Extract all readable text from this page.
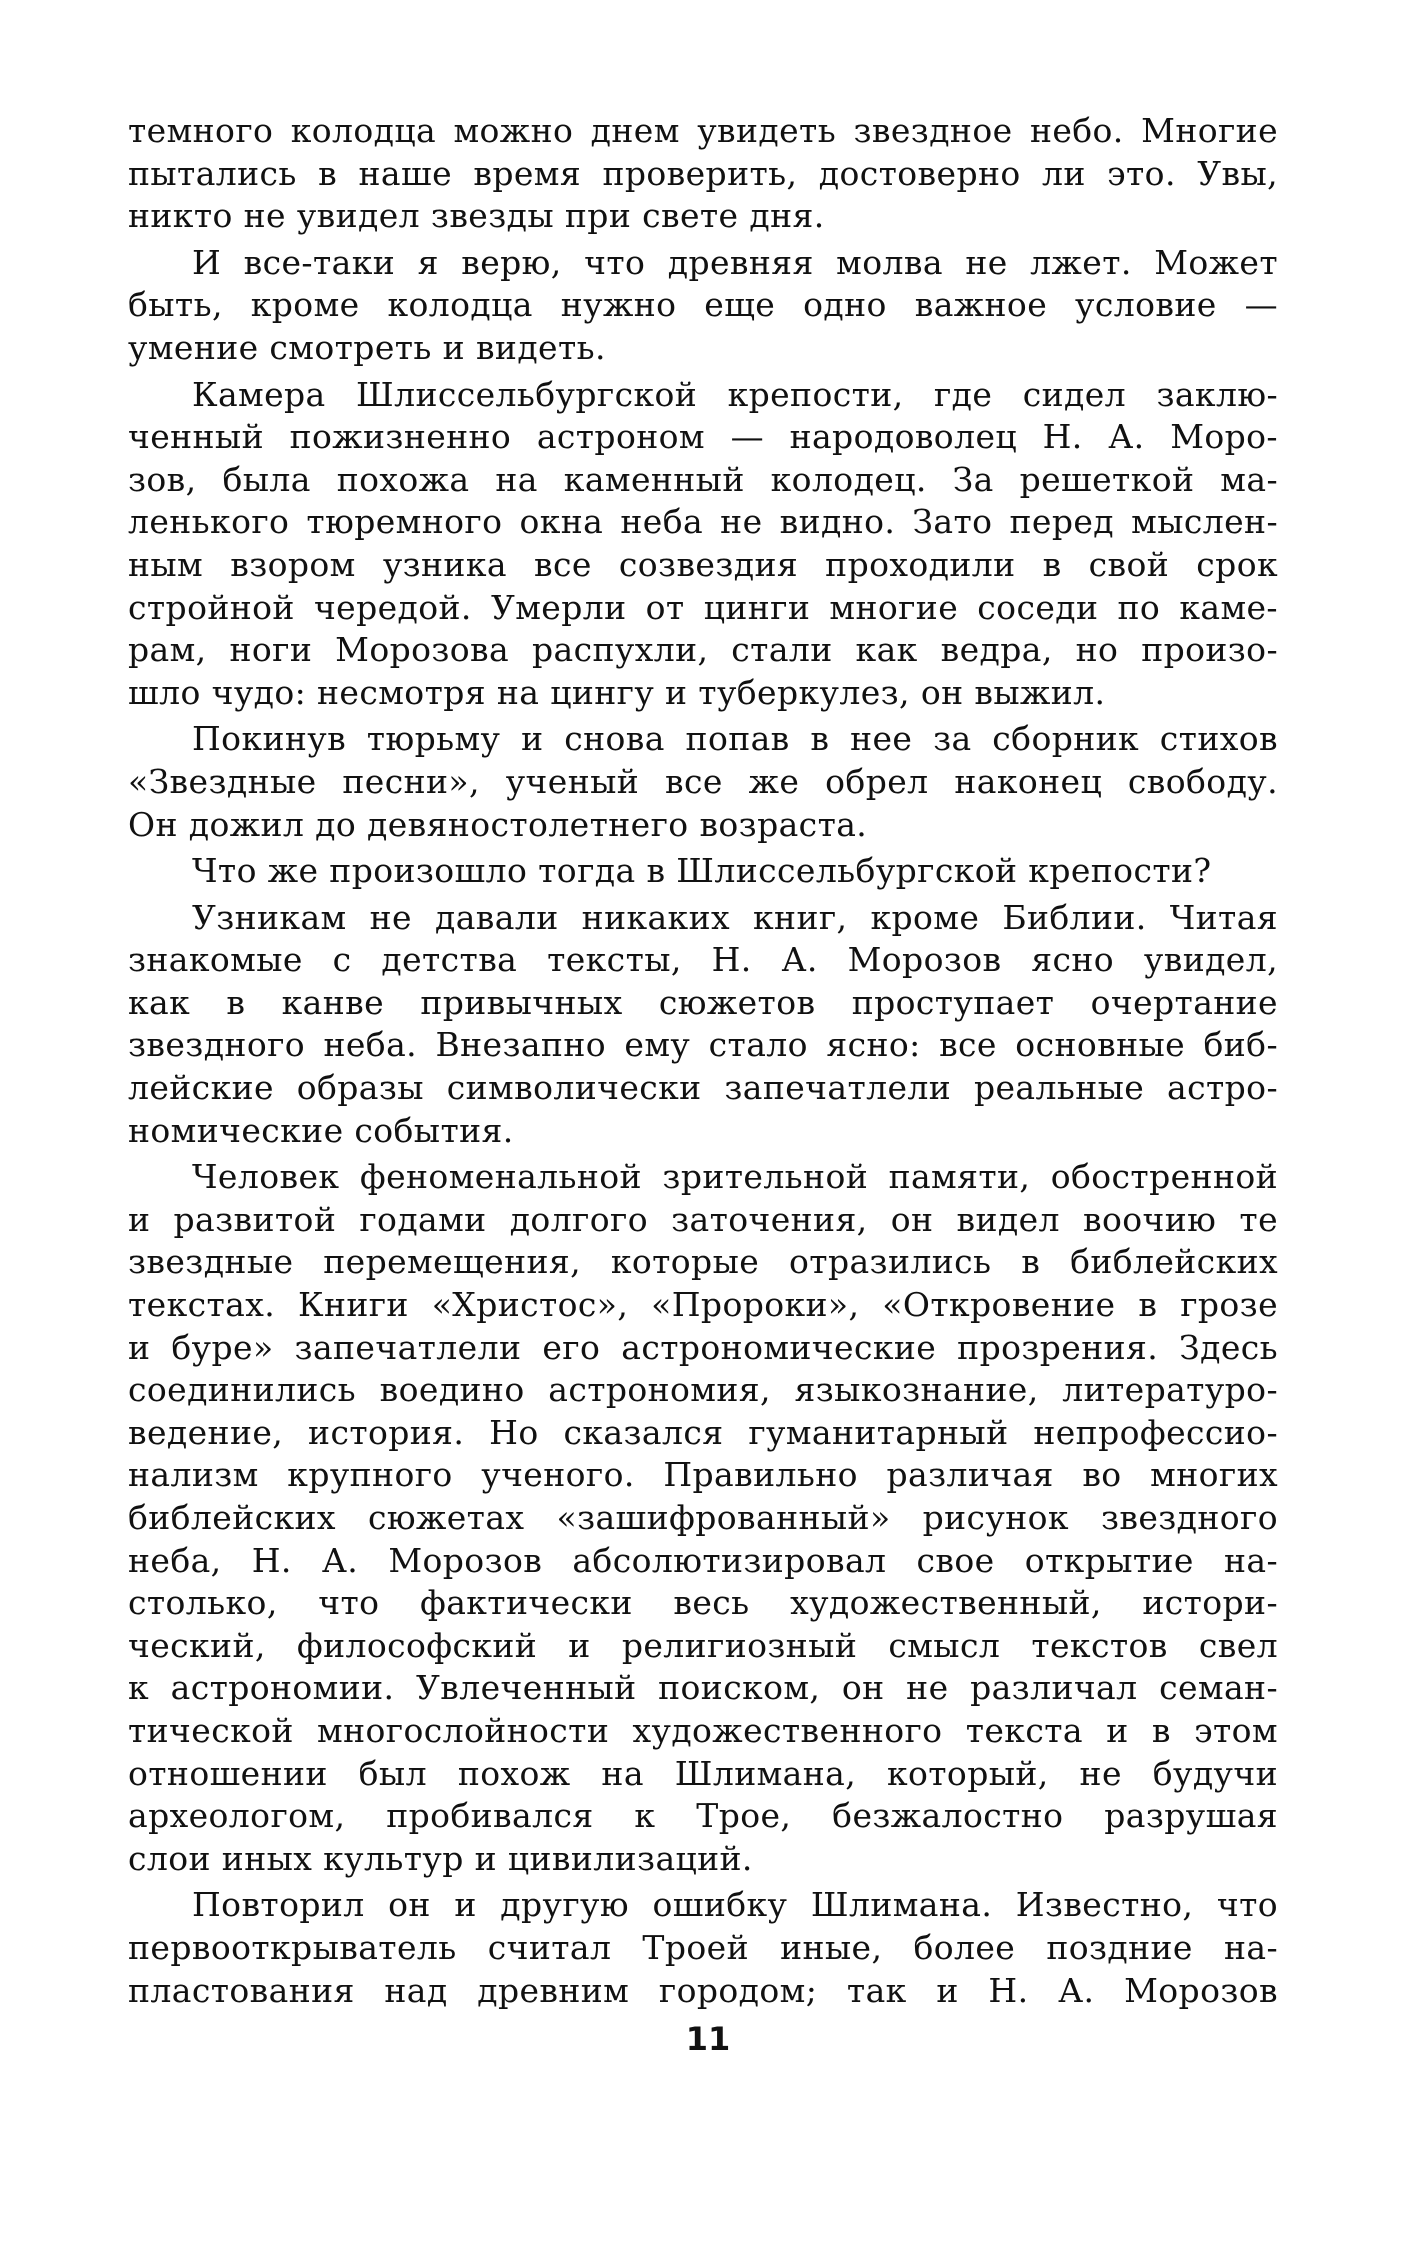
темного колодца можно днем увидеть звездное небо. Многие
пытались в наше время проверить, достоверно ли это. Увы,
никто не увидел звезды при свете дня.
И все-таки я верю, что древняя молва не лжет. Может
быть, кроме колодца нужно еще одно важное условие —
умение смотреть и видеть.
Камера Шлиссельбургской крепости, где сидел заклю-
ченный пожизненно астроном — народоволец Н. А. Моро-
зов, была похожа на каменный колодец. За решеткой ма-
ленького тюремного окна неба не видно. Зато перед мыслен-
ным взором узника все созвездия проходили в свой срок
стройной чередой. Умерли от цинги многие соседи по каме-
рам, ноги Морозова распухли, стали как ведра, но произо-
шло чудо: несмотря на цингу и туберкулез, он выжил.
Покинув тюрьму и снова попав в нее за сборник стихов
«Звездные песни», ученый все же обрел наконец свободу.
Он дожил до девяностолетнего возраста.
Что же произошло тогда в Шлиссельбургской крепости?
Узникам не давали никаких книг, кроме Библии. Читая
знакомые с детства тексты, Н. А. Морозов ясно увидел,
как в канве привычных сюжетов проступает очертание
звездного неба. Внезапно ему стало ясно: все основные биб-
лейские образы символически запечатлели реальные астро-
номические события.
Человек феноменальной зрительной памяти, обостренной
и развитой годами долгого заточения, он видел воочию те
звездные перемещения, которые отразились в библейских
текстах. Книги «Христос», «Пророки», «Откровение в грозе
и буре» запечатлели его астрономические прозрения. Здесь
соединились воедино астрономия, языкознание, литературо-
ведение, история. Но сказался гуманитарный непрофессио-
нализм крупного ученого. Правильно различая во многих
библейских сюжетах «зашифрованный» рисунок звездного
неба, Н. А. Морозов абсолютизировал свое открытие на-
столько, что фактически весь художественный, истори-
ческий, философский и религиозный смысл текстов свел
к астрономии. Увлеченный поиском, он не различал семан-
тической многослойности художественного текста и в этом
отношении был похож на Шлимана, который, не будучи
археологом, пробивался к Трое, безжалостно разрушая
слои иных культур и цивилизаций.
Повторил он и другую ошибку Шлимана. Известно, что
первооткрыватель считал Троей иные, более поздние на-
пластования над древним городом; так и Н. А. Морозов
11
